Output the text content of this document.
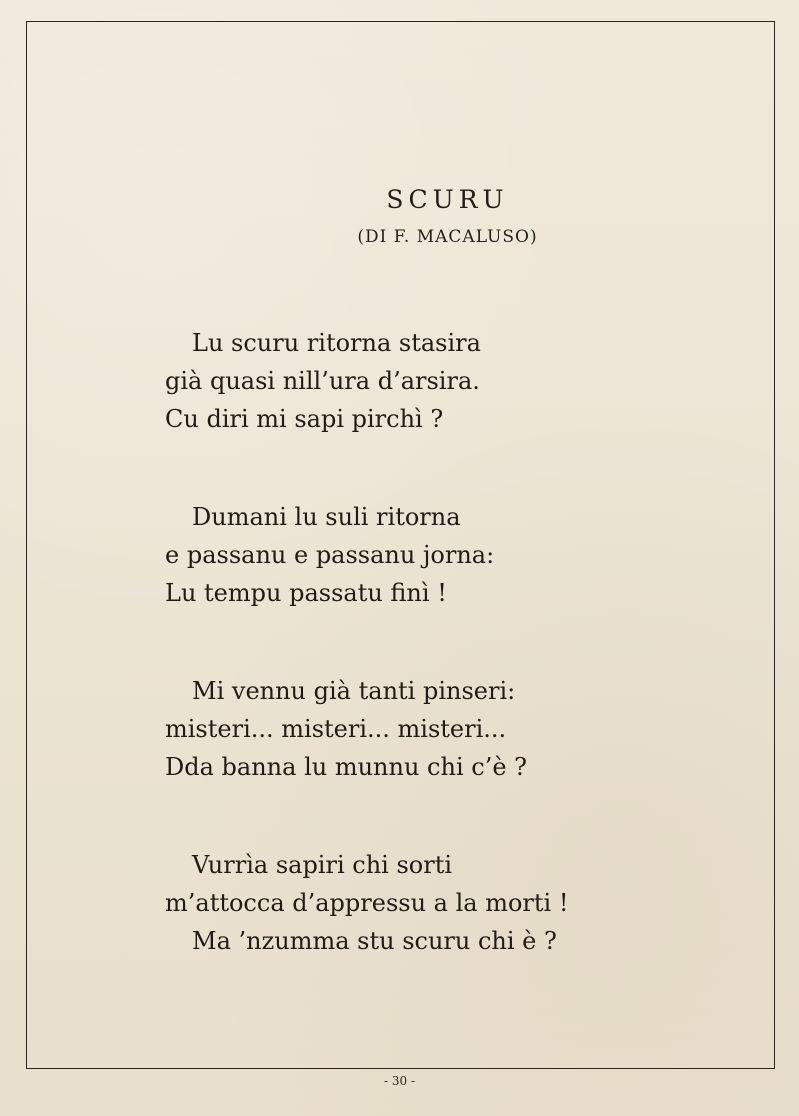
SCURU
(DI F. MACALUSO)
Lu scuru ritorna stasira
già quasi nill’ura d’arsira.
Cu diri mi sapi pirchì ?
Dumani lu suli ritorna
e passanu e passanu jorna:
Lu tempu passatu finì !
Mi vennu già tanti pinseri:
misteri... misteri... misteri...
Dda banna lu munnu chi c’è ?
Vurrìa sapiri chi sorti
m’attocca d’appressu a la morti !
Ma ’nzumma stu scuru chi è ?
- 30 -
